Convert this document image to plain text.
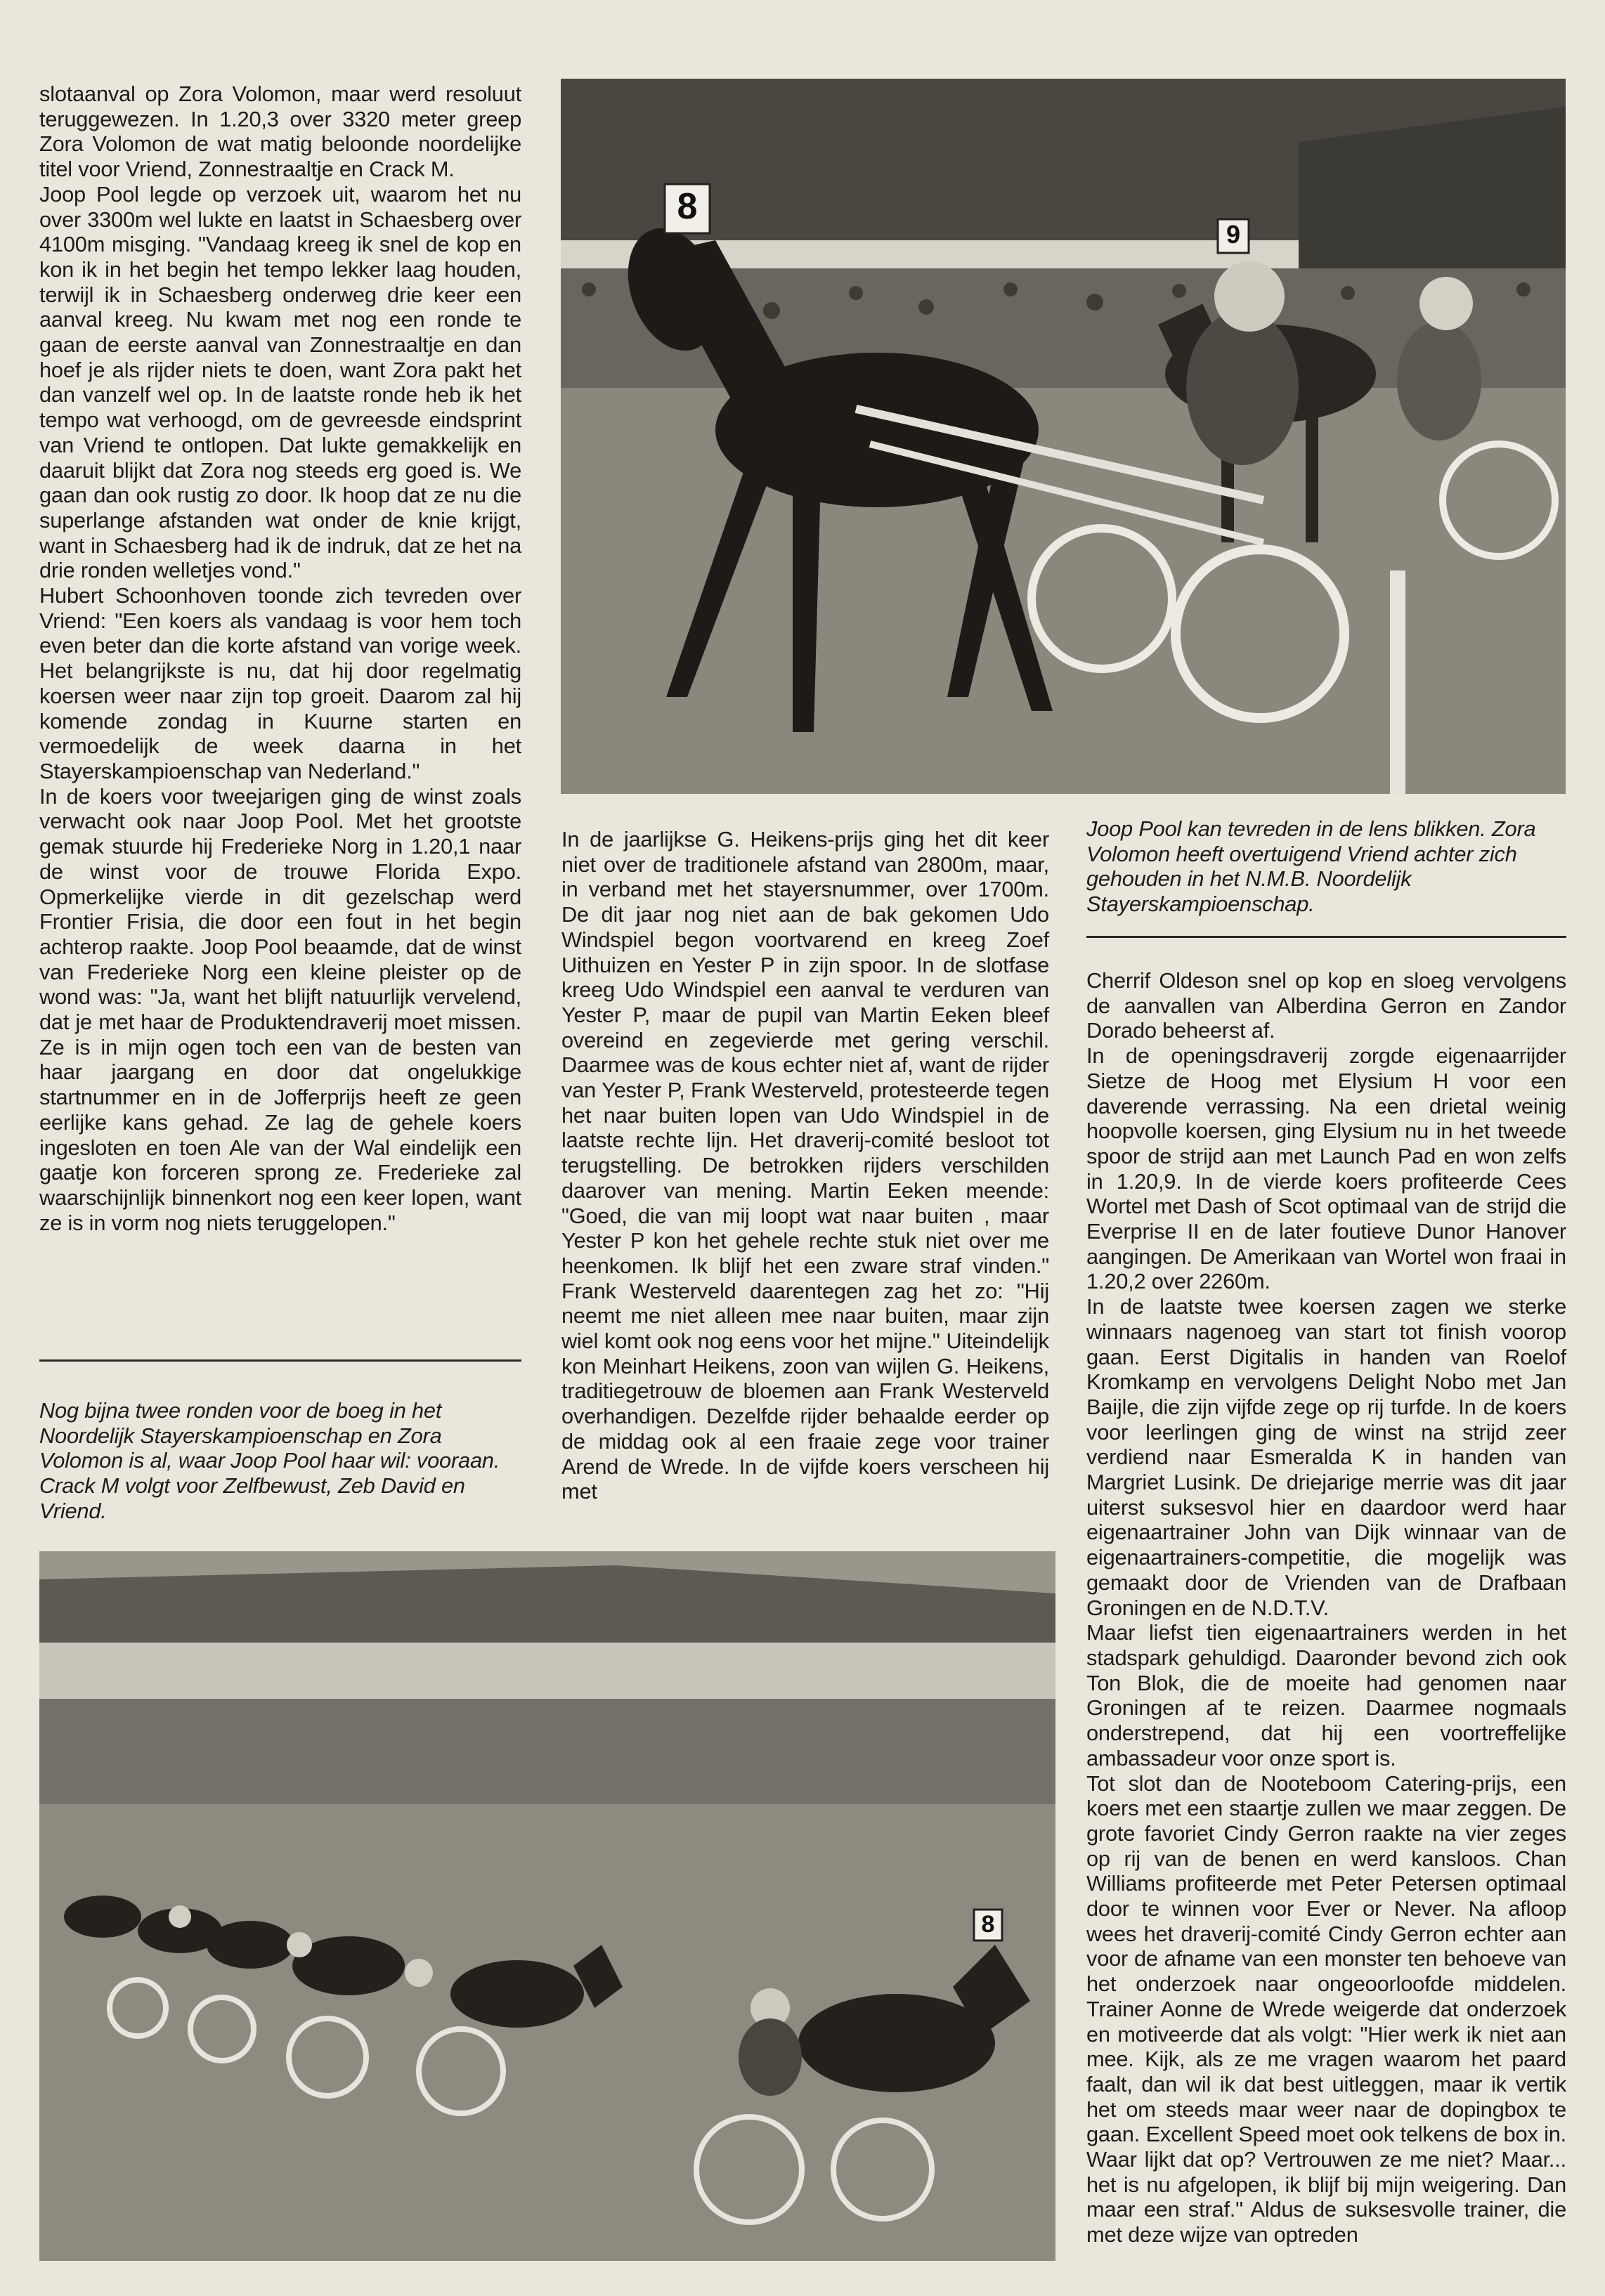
slotaanval op Zora Volomon, maar werd resoluut teruggewezen. In 1.20,3 over 3320 meter greep Zora Volomon de wat matig beloonde noordelijke titel voor Vriend, Zonnestraaltje en Crack M.

Joop Pool legde op verzoek uit, waarom het nu over 3300m wel lukte en laatst in Schaesberg over 4100m misging. "Vandaag kreeg ik snel de kop en kon ik in het begin het tempo lekker laag houden, terwijl ik in Schaesberg onderweg drie keer een aanval kreeg. Nu kwam met nog een ronde te gaan de eerste aanval van Zonnestraaltje en dan hoef je als rijder niets te doen, want Zora pakt het dan vanzelf wel op. In de laatste ronde heb ik het tempo wat verhoogd, om de gevreesde eindsprint van Vriend te ontlopen. Dat lukte gemakkelijk en daaruit blijkt dat Zora nog steeds erg goed is. We gaan dan ook rustig zo door. Ik hoop dat ze nu die superlange afstanden wat onder de knie krijgt, want in Schaesberg had ik de indruk, dat ze het na drie ronden welletjes vond."

Hubert Schoonhoven toonde zich tevreden over Vriend: "Een koers als vandaag is voor hem toch even beter dan die korte afstand van vorige week. Het belangrijkste is nu, dat hij door regelmatig koersen weer naar zijn top groeit. Daarom zal hij komende zondag in Kuurne starten en vermoedelijk de week daarna in het Stayerskampioenschap van Nederland."

In de koers voor tweejarigen ging de winst zoals verwacht ook naar Joop Pool. Met het grootste gemak stuurde hij Frederieke Norg in 1.20,1 naar de winst voor de trouwe Florida Expo. Opmerkelijke vierde in dit gezelschap werd Frontier Frisia, die door een fout in het begin achterop raakte. Joop Pool beaamde, dat de winst van Frederieke Norg een kleine pleister op de wond was: "Ja, want het blijft natuurlijk vervelend, dat je met haar de Produktendraverij moet missen. Ze is in mijn ogen toch een van de besten van haar jaargang en door dat ongelukkige startnummer en in de Jofferprijs heeft ze geen eerlijke kans gehad. Ze lag de gehele koers ingesloten en toen Ale van der Wal eindelijk een gaatje kon forceren sprong ze. Frederieke zal waarschijnlijk binnenkort nog een keer lopen, want ze is in vorm nog niets teruggelopen."

Nog bijna twee ronden voor de boeg in het Noordelijk Stayerskampioenschap en Zora Volomon is al, waar Joop Pool haar wil: vooraan. Crack M volgt voor Zelfbewust, Zeb David en Vriend.
8
9

In de jaarlijkse G. Heikens-prijs ging het dit keer niet over de traditionele afstand van 2800m, maar, in verband met het stayersnummer, over 1700m. De dit jaar nog niet aan de bak gekomen Udo Windspiel begon voortvarend en kreeg Zoef Uithuizen en Yester P in zijn spoor. In de slotfase kreeg Udo Windspiel een aanval te verduren van Yester P, maar de pupil van Martin Eeken bleef overeind en zegevierde met gering verschil. Daarmee was de kous echter niet af, want de rijder van Yester P, Frank Westerveld, protesteerde tegen het naar buiten lopen van Udo Windspiel in de laatste rechte lijn. Het draverij-comité besloot tot terugstelling. De betrokken rijders verschilden daarover van mening. Martin Eeken meende: "Goed, die van mij loopt wat naar buiten , maar Yester P kon het gehele rechte stuk niet over me heenkomen. Ik blijf het een zware straf vinden." Frank Westerveld daarentegen zag het zo: "Hij neemt me niet alleen mee naar buiten, maar zijn wiel komt ook nog eens voor het mijne." Uiteindelijk kon Meinhart Heikens, zoon van wijlen G. Heikens, traditiegetrouw de bloemen aan Frank Westerveld overhandigen. Dezelfde rijder behaalde eerder op de middag ook al een fraaie zege voor trainer Arend de Wrede. In de vijfde koers verscheen hij met

Joop Pool kan tevreden in de lens blikken. Zora Volomon heeft overtuigend Vriend achter zich gehouden in het N.M.B. Noordelijk Stayerskampioenschap.

Cherrif Oldeson snel op kop en sloeg vervolgens de aanvallen van Alberdina Gerron en Zandor Dorado beheerst af.

In de openingsdraverij zorgde eigenaarrijder Sietze de Hoog met Elysium H voor een daverende verrassing. Na een drietal weinig hoopvolle koersen, ging Elysium nu in het tweede spoor de strijd aan met Launch Pad en won zelfs in 1.20,9. In de vierde koers profiteerde Cees Wortel met Dash of Scot optimaal van de strijd die Everprise II en de later foutieve Dunor Hanover aangingen. De Amerikaan van Wortel won fraai in 1.20,2 over 2260m.

In de laatste twee koersen zagen we sterke winnaars nagenoeg van start tot finish voorop gaan. Eerst Digitalis in handen van Roelof Kromkamp en vervolgens Delight Nobo met Jan Baijle, die zijn vijfde zege op rij turfde. In de koers voor leerlingen ging de winst na strijd zeer verdiend naar Esmeralda K in handen van Margriet Lusink. De driejarige merrie was dit jaar uiterst suksesvol hier en daardoor werd haar eigenaartrainer John van Dijk winnaar van de eigenaartrainers-competitie, die mogelijk was gemaakt door de Vrienden van de Drafbaan Groningen en de N.D.T.V.

Maar liefst tien eigenaartrainers werden in het stadspark gehuldigd. Daaronder bevond zich ook Ton Blok, die de moeite had genomen naar Groningen af te reizen. Daarmee nogmaals onderstrepend, dat hij een voortreffelijke ambassadeur voor onze sport is.

Tot slot dan de Nooteboom Catering-prijs, een koers met een staartje zullen we maar zeggen. De grote favoriet Cindy Gerron raakte na vier zeges op rij van de benen en werd kansloos. Chan Williams profiteerde met Peter Petersen optimaal door te winnen voor Ever or Never. Na afloop wees het draverij-comité Cindy Gerron echter aan voor de afname van een monster ten behoeve van het onderzoek naar ongeoorloofde middelen. Trainer Aonne de Wrede weigerde dat onderzoek en motiveerde dat als volgt: "Hier werk ik niet aan mee. Kijk, als ze me vragen waarom het paard faalt, dan wil ik dat best uitleggen, maar ik vertik het om steeds maar weer naar de dopingbox te gaan. Excellent Speed moet ook telkens de box in. Waar lijkt dat op? Vertrouwen ze me niet? Maar... het is nu afgelopen, ik blijf bij mijn weigering. Dan maar een straf." Aldus de suksesvolle trainer, die met deze wijze van optreden

8
